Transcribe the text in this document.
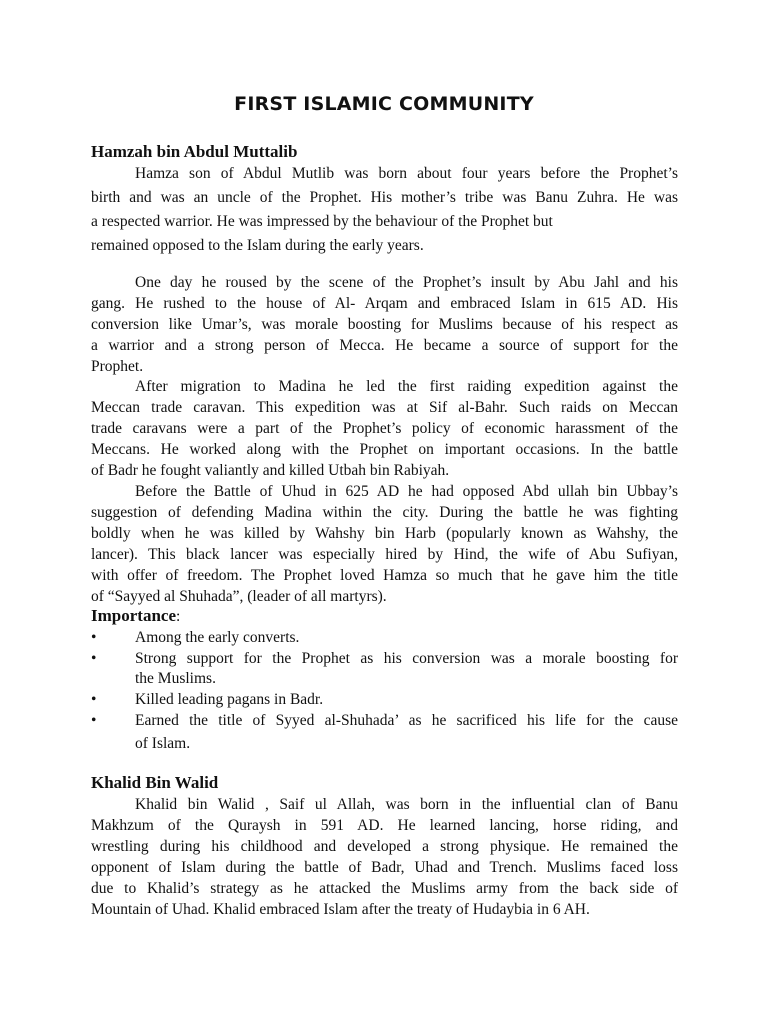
FIRST ISLAMIC COMMUNITY
Hamzah bin Abdul Muttalib
Hamza son of Abdul Mutlib was born about four years before the Prophet’s
birth and was an uncle of the Prophet. His mother’s tribe was Banu Zuhra. He was
a respected warrior. He was impressed by the behaviour of the Prophet but
remained opposed to the Islam during the early years.
One day he roused by the scene of the Prophet’s insult by Abu Jahl and his
gang. He rushed to the house of Al- Arqam and embraced Islam in 615 AD. His
conversion like Umar’s, was morale boosting for Muslims because of his respect as
a warrior and a strong person of Mecca. He became a source of support for the
Prophet.
After migration to Madina he led the first raiding expedition against the
Meccan trade caravan. This expedition was at Sif al-Bahr. Such raids on Meccan
trade caravans were a part of the Prophet’s policy of economic harassment of the
Meccans. He worked along with the Prophet on important occasions. In the battle
of Badr he fought valiantly and killed Utbah bin Rabiyah.
Before the Battle of Uhud in 625 AD he had opposed Abd ullah bin Ubbay’s
suggestion of defending Madina within the city. During the battle he was fighting
boldly when he was killed by Wahshy bin Harb (popularly known as Wahshy, the
lancer). This black lancer was especially hired by Hind, the wife of Abu Sufiyan,
with offer of freedom. The Prophet loved Hamza so much that he gave him the title
of “Sayyed al Shuhada”, (leader of all martyrs).
Importance:
• Among the early converts.
• Strong support for the Prophet as his conversion was a morale boosting for
the Muslims.
• Killed leading pagans in Badr.
• Earned the title of Syyed al-Shuhada’ as he sacrificed his life for the cause
of Islam.
Khalid Bin Walid
Khalid bin Walid , Saif ul Allah, was born in the influential clan of Banu
Makhzum of the Quraysh in 591 AD. He learned lancing, horse riding, and
wrestling during his childhood and developed a strong physique. He remained the
opponent of Islam during the battle of Badr, Uhad and Trench. Muslims faced loss
due to Khalid’s strategy as he attacked the Muslims army from the back side of
Mountain of Uhad. Khalid embraced Islam after the treaty of Hudaybia in 6 AH.
